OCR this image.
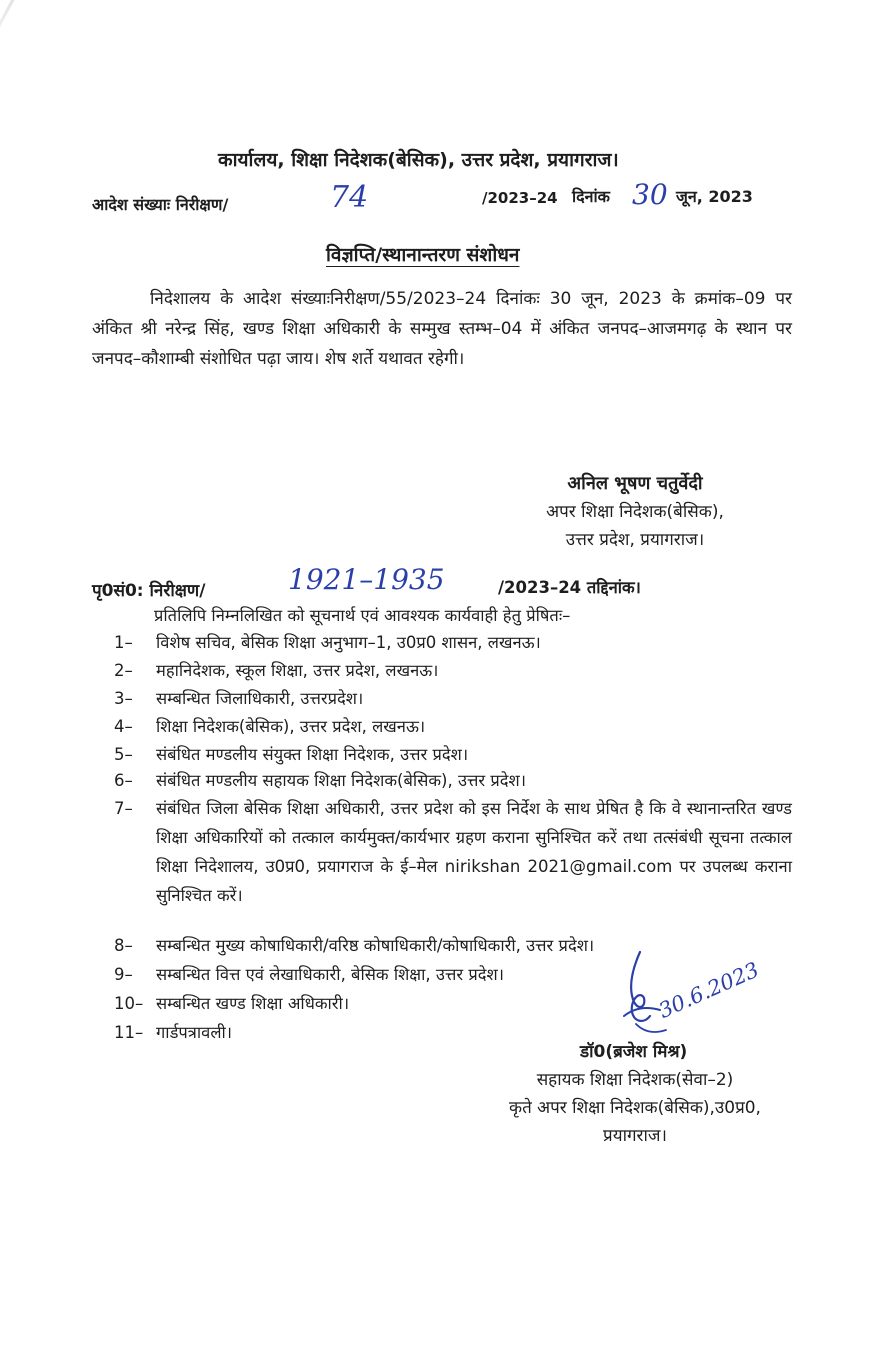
कार्यालय, शिक्षा निदेशक(बेसिक), उत्तर प्रदेश, प्रयागराज।
आदेश संख्याः निरीक्षण/	74	/2023–24 दिनांक 30 जून, 2023
विज्ञप्ति/स्थानान्तरण संशोधन
निदेशालय के आदेश संख्याःनिरीक्षण/55/2023–24 दिनांकः 30 जून, 2023 के क्रमांक–09 पर अंकित श्री नरेन्द्र सिंह, खण्ड शिक्षा अधिकारी के सम्मुख स्तम्भ–04 में अंकित जनपद–आजमगढ़ के स्थान पर जनपद–कौशाम्बी संशोधित पढ़ा जाय। शेष शर्ते यथावत रहेगी।
अनिल भूषण चतुर्वेदी
अपर शिक्षा निदेशक(बेसिक),
उत्तर प्रदेश, प्रयागराज।
पृ0सं0: निरीक्षण/	1921–1935	/2023–24 तद्दिनांक।
प्रतिलिपि निम्नलिखित को सूचनार्थ एवं आवश्यक कार्यवाही हेतु प्रेषितः–
1– विशेष सचिव, बेसिक शिक्षा अनुभाग–1, उ0प्र0 शासन, लखनऊ।
2– महानिदेशक, स्कूल शिक्षा, उत्तर प्रदेश, लखनऊ।
3– सम्बन्धित जिलाधिकारी, उत्तरप्रदेश।
4– शिक्षा निदेशक(बेसिक), उत्तर प्रदेश, लखनऊ।
5– संबंधित मण्डलीय संयुक्त शिक्षा निदेशक, उत्तर प्रदेश।
6– संबंधित मण्डलीय सहायक शिक्षा निदेशक(बेसिक), उत्तर प्रदेश।
7– संबंधित जिला बेसिक शिक्षा अधिकारी, उत्तर प्रदेश को इस निर्देश के साथ प्रेषित है कि वे स्थानान्तरित खण्ड शिक्षा अधिकारियों को तत्काल कार्यमुक्त/कार्यभार ग्रहण कराना सुनिश्चित करें तथा तत्संबंधी सूचना तत्काल शिक्षा निदेशालय, उ0प्र0, प्रयागराज के ई–मेल nirikshan 2021@gmail.com पर उपलब्ध कराना सुनिश्चित करें।
8– सम्बन्धित मुख्य कोषाधिकारी/वरिष्ठ कोषाधिकारी/कोषाधिकारी, उत्तर प्रदेश।
9– सम्बन्धित वित्त एवं लेखाधिकारी, बेसिक शिक्षा, उत्तर प्रदेश।
10– सम्बन्धित खण्ड शिक्षा अधिकारी।
11– गार्डपत्रावली।
30.6.2023
डॉ0(ब्रजेश मिश्र)
सहायक शिक्षा निदेशक(सेवा–2)
कृते अपर शिक्षा निदेशक(बेसिक),उ0प्र0,
प्रयागराज।
